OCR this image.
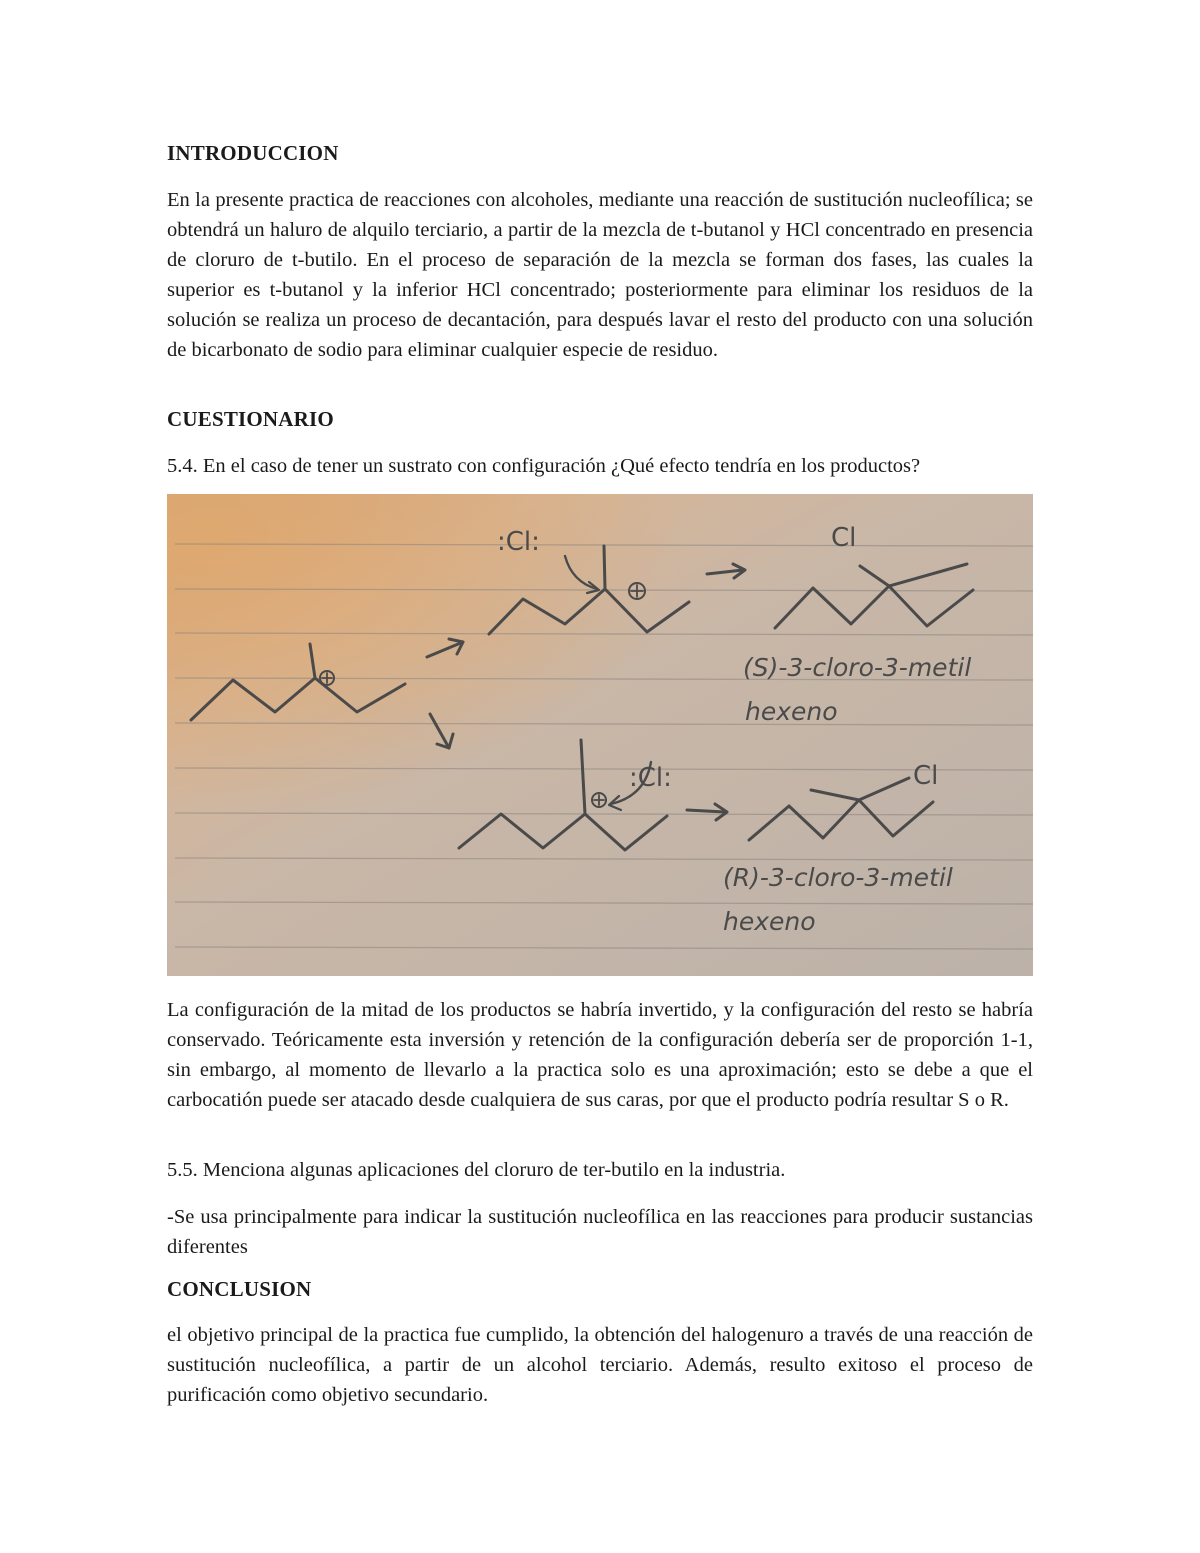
INTRODUCCION

En la presente practica de reacciones con alcoholes, mediante una reacción de sustitución nucleofílica; se obtendrá un haluro de alquilo terciario, a partir de la mezcla de t-butanol y HCl concentrado en presencia de cloruro de t-butilo. En el proceso de separación de la mezcla se forman dos fases, las cuales la superior es t-butanol y la inferior HCl concentrado; posteriormente para eliminar los residuos de la solución se realiza un proceso de decantación, para después lavar el resto del producto con una solución de bicarbonato de sodio para eliminar cualquier especie de residuo.

CUESTIONARIO

5.4. En el caso de tener un sustrato con configuración ¿Qué efecto tendría en los productos?

:Cl:	Cl
:Cl:	Cl
(S)-3-cloro-3-metil
hexeno
(R)-3-cloro-3-metil
hexeno

La configuración de la mitad de los productos se habría invertido, y la configuración del resto se habría conservado. Teóricamente esta inversión y retención de la configuración debería ser de proporción 1-1, sin embargo, al momento de llevarlo a la practica solo es una aproximación; esto se debe a que el carbocatión puede ser atacado desde cualquiera de sus caras, por que el producto podría resultar S o R.

5.5. Menciona algunas aplicaciones del cloruro de ter-butilo en la industria.

-Se usa principalmente para indicar la sustitución nucleofílica en las reacciones para producir sustancias diferentes

CONCLUSION

el objetivo principal de la practica fue cumplido, la obtención del halogenuro a través de una reacción de sustitución nucleofílica, a partir de un alcohol terciario. Además, resulto exitoso el proceso de purificación como objetivo secundario.
